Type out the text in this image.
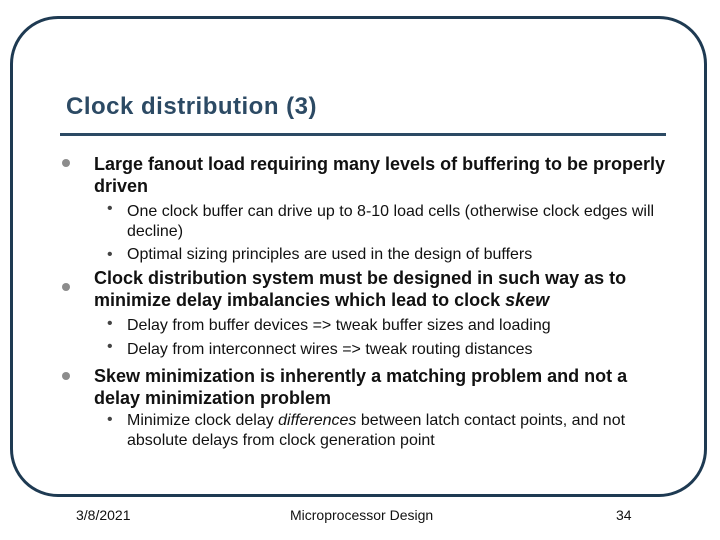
Clock distribution (3)
Large fanout load requiring many levels of buffering to be properly driven
• One clock buffer can drive up to 8-10 load cells (otherwise clock edges will decline)
• Optimal sizing principles are used in the design of buffers
Clock distribution system must be designed in such way as to minimize delay imbalancies which lead to clock skew
• Delay from buffer devices => tweak buffer sizes and loading
• Delay from interconnect wires => tweak routing distances
Skew minimization is inherently a matching problem and not a delay minimization problem
• Minimize clock delay differences between latch contact points, and not absolute delays from clock generation point
3/8/2021	Microprocessor Design	34
